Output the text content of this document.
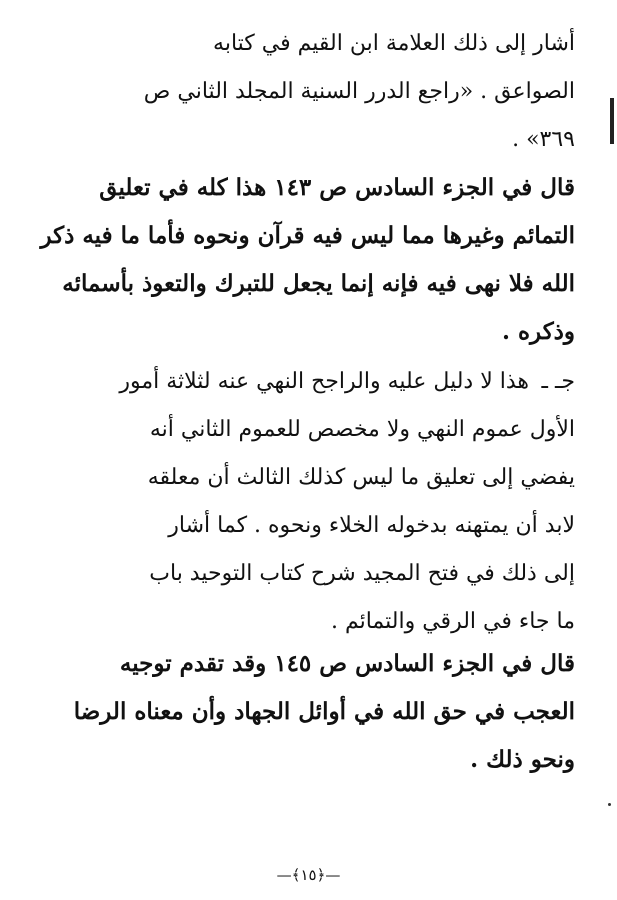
أشار إلى ذلك العلامة ابن القيم في كتابه
الصواعق . «راجع الدرر السنية المجلد الثاني ص
٣٦٩» .
قال في الجزء السادس ص ١٤٣ هذا كله في تعليق
التمائم وغيرها مما ليس فيه قرآن ونحوه فأما ما فيه ذكر
الله فلا نهى فيه فإنه إنما يجعل للتبرك والتعوذ بأسمائه
وذكره .
جـ ـ
هذا لا دليل عليه والراجح النهي عنه لثلاثة أمور
الأول عموم النهي ولا مخصص للعموم الثاني أنه
يفضي إلى تعليق ما ليس كذلك الثالث أن معلقه
لابد أن يمتهنه بدخوله الخلاء ونحوه . كما أشار
إلى ذلك في فتح المجيد شرح كتاب التوحيد باب
ما جاء في الرقي والتمائم .
قال في الجزء السادس ص ١٤٥ وقد تقدم توجيه
العجب في حق الله في أوائل الجهاد وأن معناه الرضا
ونحو ذلك .
—﴿١٥﴾—
